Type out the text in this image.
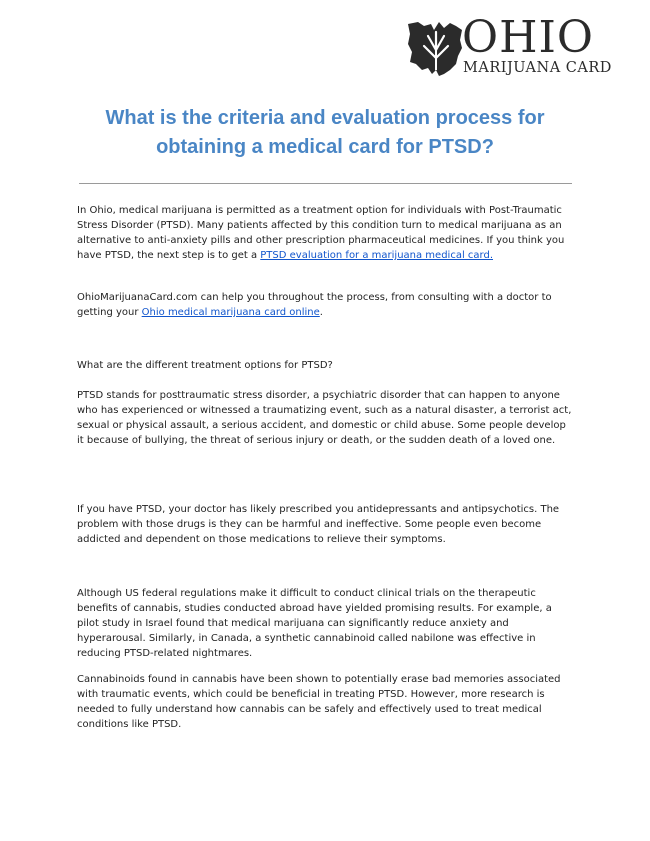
OHIO
MARIJUANA CARD
What is the criteria and evaluation process for obtaining a medical card for PTSD?

In Ohio, medical marijuana is permitted as a treatment option for individuals with Post-Traumatic Stress Disorder (PTSD). Many patients affected by this condition turn to medical marijuana as an alternative to anti-anxiety pills and other prescription pharmaceutical medicines. If you think you have PTSD, the next step is to get a PTSD evaluation for a marijuana medical card.

OhioMarijuanaCard.com can help you throughout the process, from consulting with a doctor to getting your Ohio medical marijuana card online.

What are the different treatment options for PTSD?

PTSD stands for posttraumatic stress disorder, a psychiatric disorder that can happen to anyone who has experienced or witnessed a traumatizing event, such as a natural disaster, a terrorist act, sexual or physical assault, a serious accident, and domestic or child abuse. Some people develop it because of bullying, the threat of serious injury or death, or the sudden death of a loved one.

If you have PTSD, your doctor has likely prescribed you antidepressants and antipsychotics. The problem with those drugs is they can be harmful and ineffective. Some people even become addicted and dependent on those medications to relieve their symptoms.

Although US federal regulations make it difficult to conduct clinical trials on the therapeutic benefits of cannabis, studies conducted abroad have yielded promising results. For example, a pilot study in Israel found that medical marijuana can significantly reduce anxiety and hyperarousal. Similarly, in Canada, a synthetic cannabinoid called nabilone was effective in reducing PTSD-related nightmares.

Cannabinoids found in cannabis have been shown to potentially erase bad memories associated with traumatic events, which could be beneficial in treating PTSD. However, more research is needed to fully understand how cannabis can be safely and effectively used to treat medical conditions like PTSD.
